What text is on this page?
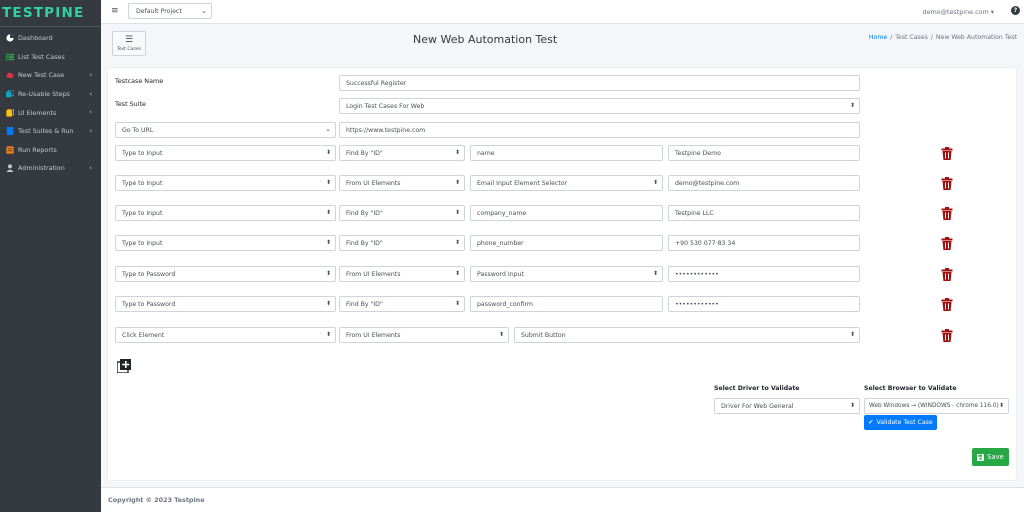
TESTPINE
Dashboard
List Test Cases
New Test Case	‹
Re-Usable Steps	‹
UI Elements	‹
Test Suites & Run ‹
Run Reports
Administration	‹
≡	Default Project	⌄	demo@testpine.com ▾	?
☰
Test Cases
New Web Automation Test	Home / Test Cases / New Web Automation Test
Testcase Name	Successful Register
Test Suite	Login Test Cases For Web	⬍
Go To URL	⌄	https://www.testpine.com
Type to Input	⬍ Find By "ID"	⬍	name	Testpine Demo
Type to Input	⬍ From UI Elements	⬍	Email Input Element Selector	⬍	demo@testpine.com
Type to Input	⬍ Find By "ID"	⬍	company_name	Testpine LLC
Type to Input	⬍ Find By "ID"	⬍	phone_number	+90 530 077 83 34
Type to Password	⬍ From UI Elements	⬍	Password Input	⬍	••••••••••••
Type to Password	⬍ Find By "ID"	⬍	password_confirm	••••••••••••
Click Element	⬍ From UI Elements	⬍	Submit Button	⬍
Select Driver to Validate
Driver For Web General	⬍
Select Browser to Validate
Web Windows → (WINDOWS - chrome 116.0) ⬍
✔ Validate Test Case
Save
Copyright © 2023 Testpine
